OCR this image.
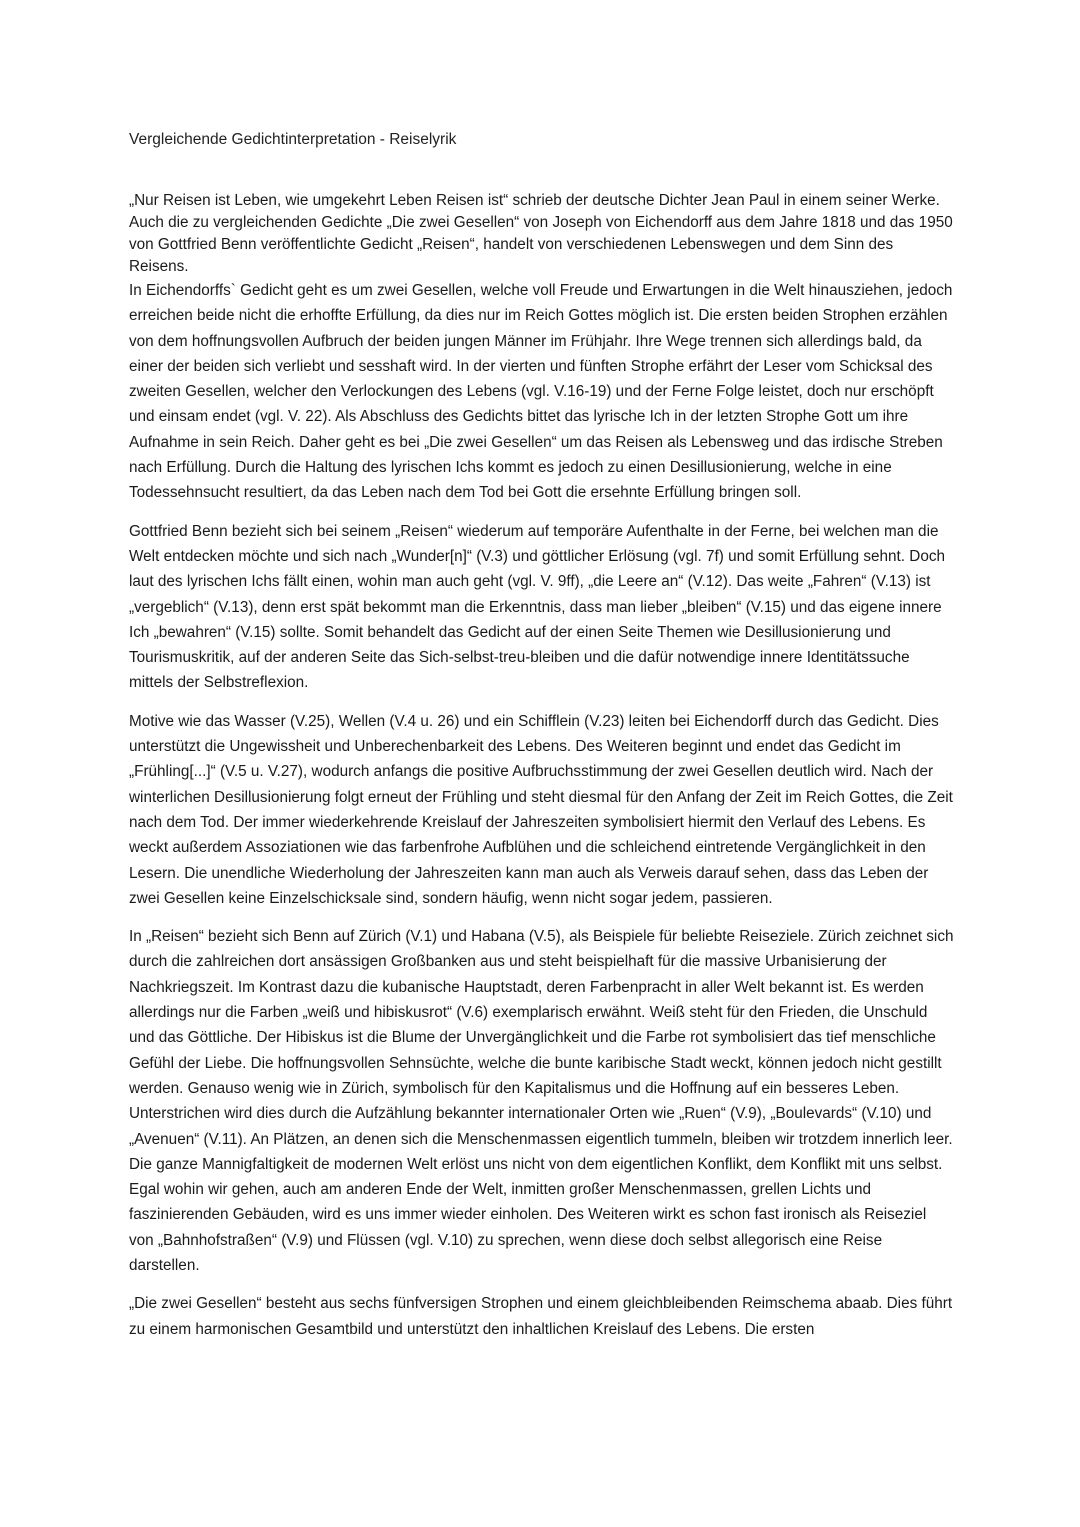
Vergleichende Gedichtinterpretation - Reiselyrik

„Nur Reisen ist Leben, wie umgekehrt Leben Reisen ist“ schrieb der deutsche Dichter Jean Paul in einem seiner Werke. Auch die zu vergleichenden Gedichte „Die zwei Gesellen“ von Joseph von Eichendorff aus dem Jahre 1818 und das 1950 von Gottfried Benn veröffentlichte Gedicht „Reisen“, handelt von verschiedenen Lebenswegen und dem Sinn des Reisens.

In Eichendorffs` Gedicht geht es um zwei Gesellen, welche voll Freude und Erwartungen in die Welt hinausziehen, jedoch erreichen beide nicht die erhoffte Erfüllung, da dies nur im Reich Gottes möglich ist. Die ersten beiden Strophen erzählen von dem hoffnungsvollen Aufbruch der beiden jungen Männer im Frühjahr. Ihre Wege trennen sich allerdings bald, da einer der beiden sich verliebt und sesshaft wird. In der vierten und fünften Strophe erfährt der Leser vom Schicksal des zweiten Gesellen, welcher den Verlockungen des Lebens (vgl. V.16-19) und der Ferne Folge leistet, doch nur erschöpft und einsam endet (vgl. V. 22). Als Abschluss des Gedichts bittet das lyrische Ich in der letzten Strophe Gott um ihre Aufnahme in sein Reich. Daher geht es bei „Die zwei Gesellen“ um das Reisen als Lebensweg und das irdische Streben nach Erfüllung. Durch die Haltung des lyrischen Ichs kommt es jedoch zu einen Desillusionierung, welche in eine Todessehnsucht resultiert, da das Leben nach dem Tod bei Gott die ersehnte Erfüllung bringen soll.

Gottfried Benn bezieht sich bei seinem „Reisen“ wiederum auf temporäre Aufenthalte in der Ferne, bei welchen man die Welt entdecken möchte und sich nach „Wunder[n]“ (V.3) und göttlicher Erlösung (vgl. 7f) und somit Erfüllung sehnt. Doch laut des lyrischen Ichs fällt einen, wohin man auch geht (vgl. V. 9ff), „die Leere an“ (V.12). Das weite „Fahren“ (V.13) ist „vergeblich“ (V.13), denn erst spät bekommt man die Erkenntnis, dass man lieber „bleiben“ (V.15) und das eigene innere Ich „bewahren“ (V.15) sollte. Somit behandelt das Gedicht auf der einen Seite Themen wie Desillusionierung und Tourismuskritik, auf der anderen Seite das Sich-selbst-treu-bleiben und die dafür notwendige innere Identitätssuche mittels der Selbstreflexion.

Motive wie das Wasser (V.25), Wellen (V.4 u. 26) und ein Schifflein (V.23) leiten bei Eichendorff durch das Gedicht. Dies unterstützt die Ungewissheit und Unberechenbarkeit des Lebens. Des Weiteren beginnt und endet das Gedicht im „Frühling[...]“ (V.5 u. V.27), wodurch anfangs die positive Aufbruchsstimmung der zwei Gesellen deutlich wird. Nach der winterlichen Desillusionierung folgt erneut der Frühling und steht diesmal für den Anfang der Zeit im Reich Gottes, die Zeit nach dem Tod. Der immer wiederkehrende Kreislauf der Jahreszeiten symbolisiert hiermit den Verlauf des Lebens. Es weckt außerdem Assoziationen wie das farbenfrohe Aufblühen und die schleichend eintretende Vergänglichkeit in den Lesern. Die unendliche Wiederholung der Jahreszeiten kann man auch als Verweis darauf sehen, dass das Leben der zwei Gesellen keine Einzelschicksale sind, sondern häufig, wenn nicht sogar jedem, passieren.

In „Reisen“ bezieht sich Benn auf Zürich (V.1) und Habana (V.5), als Beispiele für beliebte Reiseziele. Zürich zeichnet sich durch die zahlreichen dort ansässigen Großbanken aus und steht beispielhaft für die massive Urbanisierung der Nachkriegszeit. Im Kontrast dazu die kubanische Hauptstadt, deren Farbenpracht in aller Welt bekannt ist. Es werden allerdings nur die Farben „weiß und hibiskusrot“ (V.6) exemplarisch erwähnt. Weiß steht für den Frieden, die Unschuld und das Göttliche. Der Hibiskus ist die Blume der Unvergänglichkeit und die Farbe rot symbolisiert das tief menschliche Gefühl der Liebe. Die hoffnungsvollen Sehnsüchte, welche die bunte karibische Stadt weckt, können jedoch nicht gestillt werden. Genauso wenig wie in Zürich, symbolisch für den Kapitalismus und die Hoffnung auf ein besseres Leben. Unterstrichen wird dies durch die Aufzählung bekannter internationaler Orten wie „Ruen“ (V.9), „Boulevards“ (V.10) und „Avenuen“ (V.11). An Plätzen, an denen sich die Menschenmassen eigentlich tummeln, bleiben wir trotzdem innerlich leer. Die ganze Mannigfaltigkeit de modernen Welt erlöst uns nicht von dem eigentlichen Konflikt, dem Konflikt mit uns selbst. Egal wohin wir gehen, auch am anderen Ende der Welt, inmitten großer Menschenmassen, grellen Lichts und faszinierenden Gebäuden, wird es uns immer wieder einholen. Des Weiteren wirkt es schon fast ironisch als Reiseziel von „Bahnhofstraßen“ (V.9) und Flüssen (vgl. V.10) zu sprechen, wenn diese doch selbst allegorisch eine Reise darstellen.

„Die zwei Gesellen“ besteht aus sechs fünfversigen Strophen und einem gleichbleibenden Reimschema abaab. Dies führt zu einem harmonischen Gesamtbild und unterstützt den inhaltlichen Kreislauf des Lebens. Die ersten
